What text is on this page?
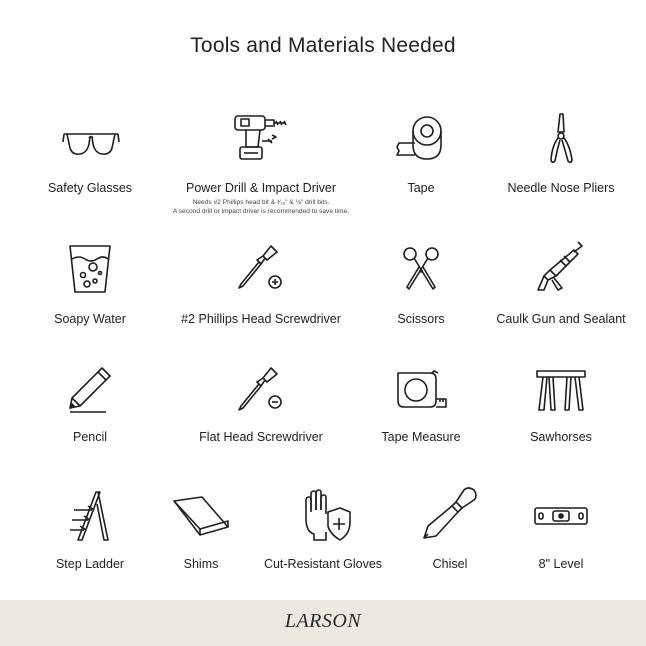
Tools and Materials Needed
Safety Glasses	Power Drill & Impact Driver
Needs #2 Phillips head bit & ³⁄₁₆" & ⅛" drill bits.
A second drill or impact driver is recommended to save time.
Tape	Needle Nose Pliers
Soapy Water	#2 Phillips Head Screwdriver	Scissors	Caulk Gun and Sealant
Pencil	Flat Head Screwdriver	Tape Measure	Sawhorses
Step Ladder	Shims	Cut-Resistant Gloves	Chisel	8" Level
LARSON
